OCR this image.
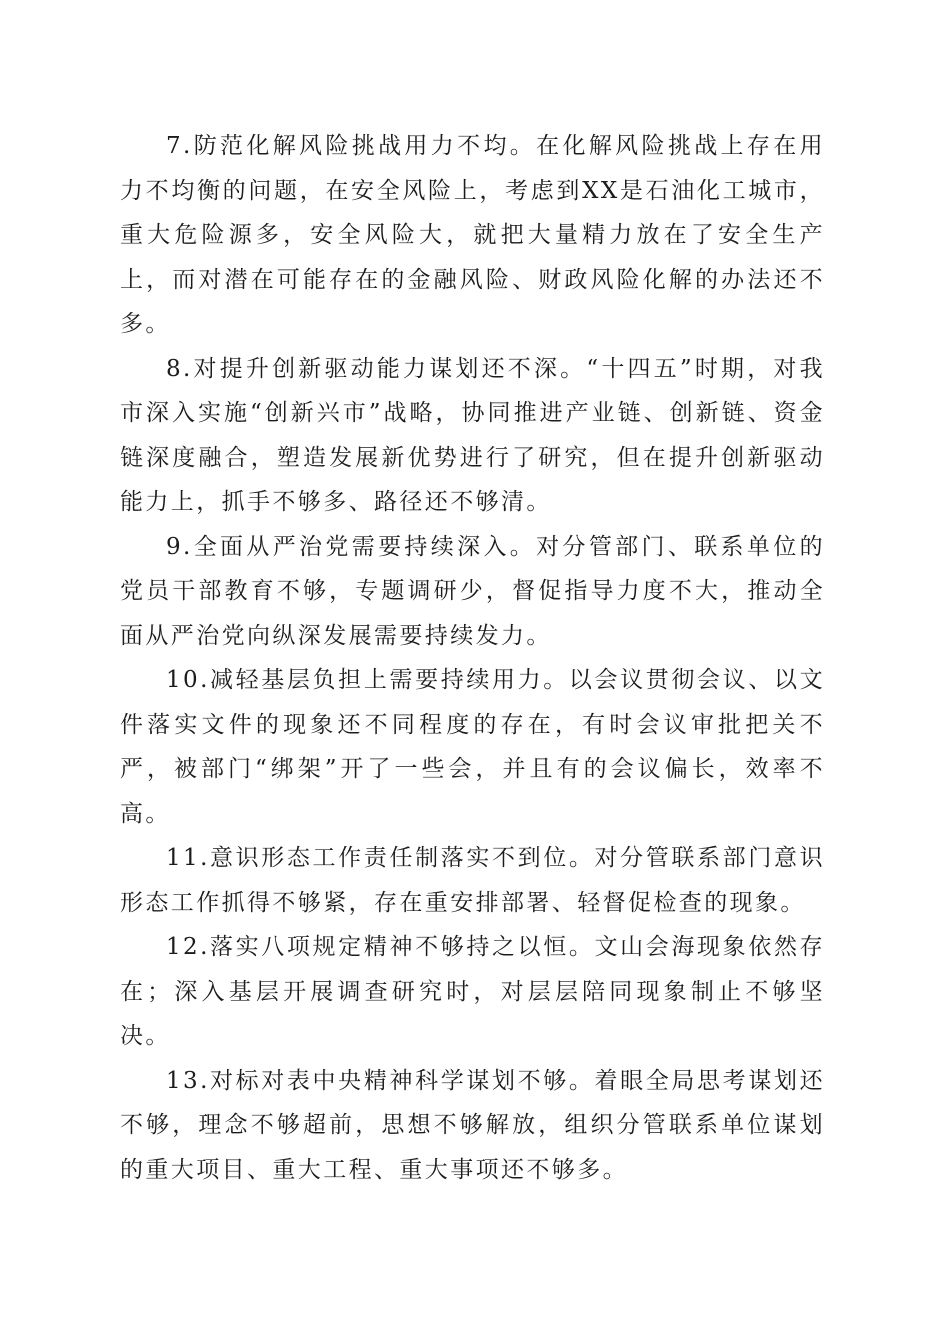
7.防范化解风险挑战用力不均。在化解风险挑战上存在用力不均衡的问题，在安全风险上，考虑到XX是石油化工城市，重大危险源多，安全风险大，就把大量精力放在了安全生产上，而对潜在可能存在的金融风险、财政风险化解的办法还不多。

8.对提升创新驱动能力谋划还不深。“十四五”时期，对我市深入实施“创新兴市”战略，协同推进产业链、创新链、资金链深度融合，塑造发展新优势进行了研究，但在提升创新驱动能力上，抓手不够多、路径还不够清。

9.全面从严治党需要持续深入。对分管部门、联系单位的党员干部教育不够，专题调研少，督促指导力度不大，推动全面从严治党向纵深发展需要持续发力。

10.减轻基层负担上需要持续用力。以会议贯彻会议、以文件落实文件的现象还不同程度的存在，有时会议审批把关不严，被部门“绑架”开了一些会，并且有的会议偏长，效率不高。

11.意识形态工作责任制落实不到位。对分管联系部门意识形态工作抓得不够紧，存在重安排部署、轻督促检查的现象。

12.落实八项规定精神不够持之以恒。文山会海现象依然存在；深入基层开展调查研究时，对层层陪同现象制止不够坚决。

13.对标对表中央精神科学谋划不够。着眼全局思考谋划还不够，理念不够超前，思想不够解放，组织分管联系单位谋划的重大项目、重大工程、重大事项还不够多。
